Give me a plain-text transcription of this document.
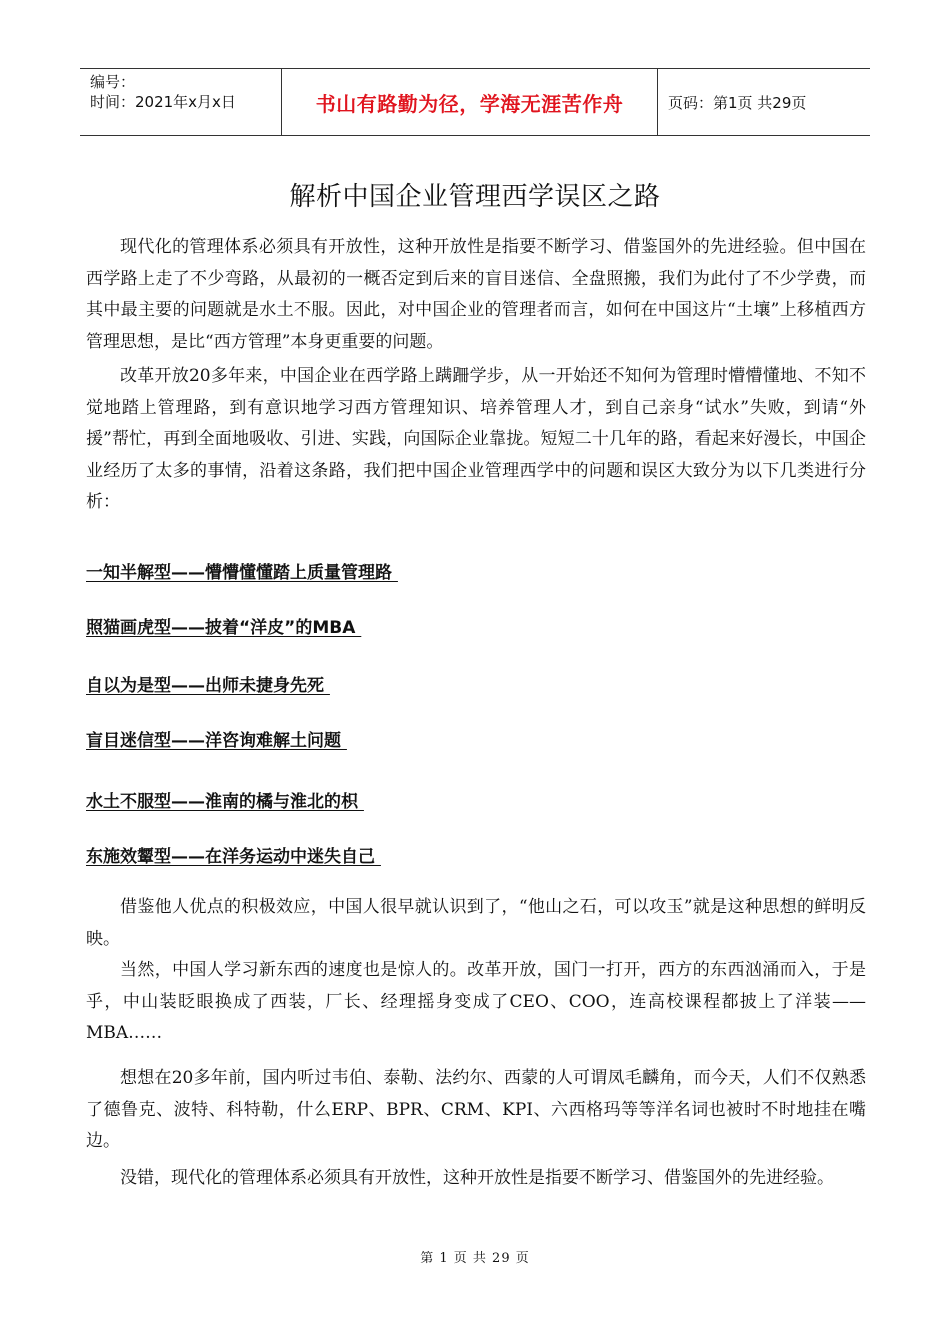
编号：
时间：2021年x月x日	书山有路勤为径，学海无涯苦作舟	页码：第1页 共29页
解析中国企业管理西学误区之路

现代化的管理体系必须具有开放性，这种开放性是指要不断学习、借鉴国外的先进经验。但中国在西学路上走了不少弯路，从最初的一概否定到后来的盲目迷信、全盘照搬，我们为此付了不少学费，而其中最主要的问题就是水土不服。因此，对中国企业的管理者而言，如何在中国这片“土壤”上移植西方管理思想，是比“西方管理”本身更重要的问题。

改革开放20多年来，中国企业在西学路上蹒跚学步，从一开始还不知何为管理时懵懵懂地、不知不觉地踏上管理路，到有意识地学习西方管理知识、培养管理人才，到自己亲身“试水”失败，到请“外援”帮忙，再到全面地吸收、引进、实践，向国际企业靠拢。短短二十几年的路，看起来好漫长，中国企业经历了太多的事情，沿着这条路，我们把中国企业管理西学中的问题和误区大致分为以下几类进行分析：

一知半解型——懵懵懂懂踏上质量管理路
照猫画虎型——披着“洋皮”的MBA
自以为是型——出师未捷身先死
盲目迷信型——洋咨询难解土问题
水土不服型——淮南的橘与淮北的枳
东施效颦型——在洋务运动中迷失自己

借鉴他人优点的积极效应，中国人很早就认识到了，“他山之石，可以攻玉”就是这种思想的鲜明反映。

当然，中国人学习新东西的速度也是惊人的。改革开放，国门一打开，西方的东西汹涌而入，于是乎，中山装眨眼换成了西装，厂长、经理摇身变成了CEO、COO，连高校课程都披上了洋装——MBA……

想想在20多年前，国内听过韦伯、泰勒、法约尔、西蒙的人可谓凤毛麟角，而今天，人们不仅熟悉了德鲁克、波特、科特勒，什么ERP、BPR、CRM、KPI、六西格玛等等洋名词也被时不时地挂在嘴边。

没错，现代化的管理体系必须具有开放性，这种开放性是指要不断学习、借鉴国外的先进经验。

第 1 页 共 29 页
